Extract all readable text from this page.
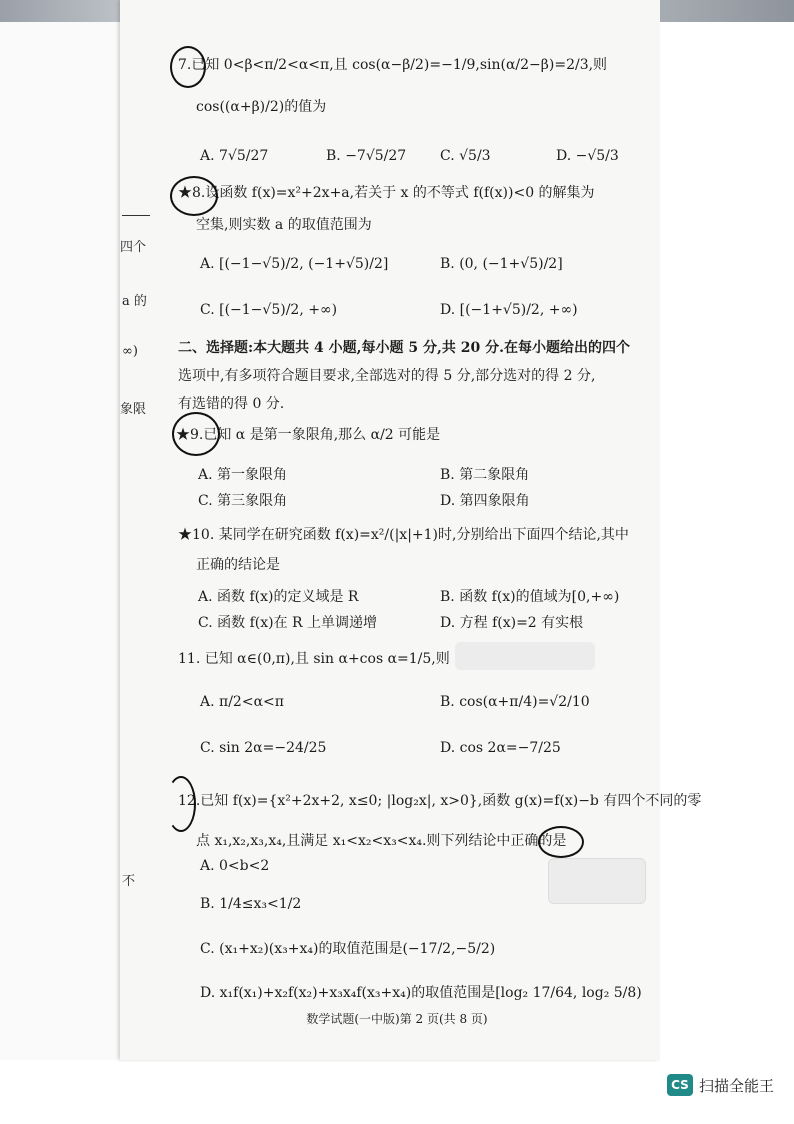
四个
a 的
∞)
象限
不
7.已知 0<β<π/2<α<π,且 cos(α−β/2)=−1/9,sin(α/2−β)=2/3,则
cos((α+β)/2)的值为
A. 7√5/27	B. −7√5/27 C. √5/3	D. −√5/3
★8.设函数 f(x)=x²+2x+a,若关于 x 的不等式 f(f(x))<0 的解集为
空集,则实数 a 的取值范围为
A. [(−1−√5)/2, (−1+√5)/2]	B. (0, (−1+√5)/2]
C. [(−1−√5)/2, +∞)	D. [(−1+√5)/2, +∞)
二、选择题:本大题共 4 小题,每小题 5 分,共 20 分.在每小题给出的四个
选项中,有多项符合题目要求,全部选对的得 5 分,部分选对的得 2 分,
有选错的得 0 分.
★9.已知 α 是第一象限角,那么 α/2 可能是
A. 第一象限角	B. 第二象限角
C. 第三象限角	D. 第四象限角
★10. 某同学在研究函数 f(x)=x²/(|x|+1)时,分别给出下面四个结论,其中
正确的结论是
A. 函数 f(x)的定义域是 R	B. 函数 f(x)的值域为[0,+∞)
C. 函数 f(x)在 R 上单调递增	D. 方程 f(x)=2 有实根
11. 已知 α∈(0,π),且 sin α+cos α=1/5,则
A. π/2<α<π	B. cos(α+π/4)=√2/10
C. sin 2α=−24/25	D. cos 2α=−7/25
12.已知 f(x)={x²+2x+2, x≤0; |log₂x|, x>0},函数 g(x)=f(x)−b 有四个不同的零
点 x₁,x₂,x₃,x₄,且满足 x₁<x₂<x₃<x₄.则下列结论中正确的是
A. 0<b<2
B. 1/4≤x₃<1/2
C. (x₁+x₂)(x₃+x₄)的取值范围是(−17/2,−5/2)
D. x₁f(x₁)+x₂f(x₂)+x₃x₄f(x₃+x₄)的取值范围是[log₂ 17/64, log₂ 5/8)
数学试题(一中版)第 2 页(共 8 页)
CS 扫描全能王
